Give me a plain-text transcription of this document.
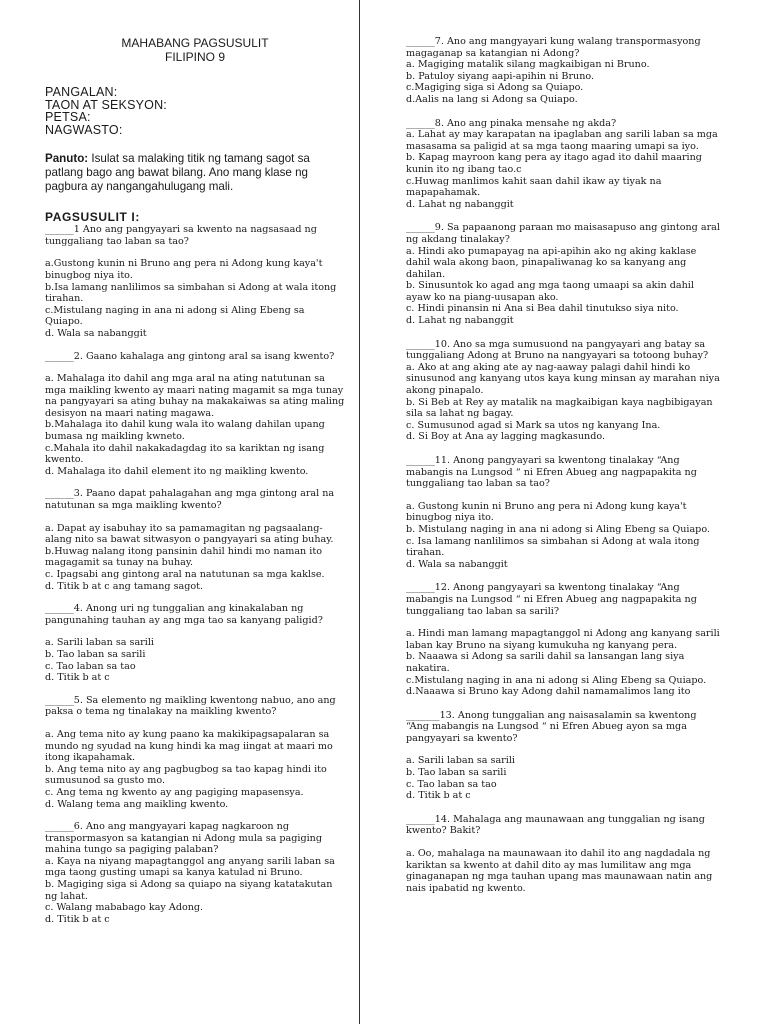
MAHABANG PAGSUSULIT
FILIPINO 9
PANGALAN:
TAON AT SEKSYON:
PETSA:
NAGWASTO:
Panuto: Isulat sa malaking titik ng tamang sagot sa patlang bago ang bawat bilang. Ano mang klase ng pagbura ay nangangahulugang mali.
PAGSUSULIT I:
______1 Ano ang pangyayari sa kwento na nagsasaad ng tunggaliang tao laban sa tao?
a.Gustong kunin ni Bruno ang pera ni Adong kung kaya't binugbog niya ito.
b.Isa lamang nanlilimos sa simbahan si Adong at wala itong tirahan.
c.Mistulang naging in ana ni adong si Aling Ebeng sa Quiapo.
d. Wala sa nabanggit
______2. Gaano kahalaga ang gintong aral sa isang kwento?
a. Mahalaga ito dahil ang mga aral na ating natutunan sa mga maikling kwento ay maari nating magamit sa mga tunay na pangyayari sa ating buhay na makakaiwas sa ating maling desisyon na maari nating magawa.
b.Mahalaga ito dahil kung wala ito walang dahilan upang bumasa ng maikling kwneto.
c.Mahala ito dahil nakakadagdag ito sa kariktan ng isang kwento.
d. Mahalaga ito dahil element ito ng maikling kwento.
______3. Paano dapat pahalagahan ang mga gintong aral na natutunan sa mga maikling kwento?
a. Dapat ay isabuhay ito sa pamamagitan ng pagsaalang-alang nito sa bawat sitwasyon o pangyayari sa ating buhay.
b.Huwag nalang itong pansinin dahil hindi mo naman ito magagamit sa tunay na buhay.
c. Ipagsabi ang gintong aral na natutunan sa mga kaklse.
d. Titik b at c ang tamang sagot.
______4. Anong uri ng tunggalian ang kinakalaban ng pangunahing tauhan ay ang mga tao sa kanyang paligid?
a. Sarili laban sa sarili
b. Tao laban sa sarili
c. Tao laban sa tao
d. Titik b at c
______5. Sa elemento ng maikling kwentong nabuo, ano ang paksa o tema ng tinalakay na maikling kwento?
a. Ang tema nito ay kung paano ka makikipagsapalaran sa mundo ng syudad na kung hindi ka mag iingat at maari mo itong ikapahamak.
b. Ang tema nito ay ang pagbugbog sa tao kapag hindi ito sumusunod sa gusto mo.
c. Ang tema ng kwento ay ang pagiging mapasensya.
d. Walang tema ang maikling kwento.
______6. Ano ang mangyayari kapag nagkaroon ng transpormasyon sa katangian ni Adong mula sa pagiging mahina tungo sa pagiging palaban?
a. Kaya na niyang mapagtanggol ang anyang sarili laban sa mga taong gusting umapi sa kanya katulad ni Bruno.
b. Magiging siga si Adong sa quiapo na siyang katatakutan ng lahat.
c. Walang mababago kay Adong.
d. Titik b at c
______7. Ano ang mangyayari kung walang transpormasyong magaganap sa katangian ni Adong?
a. Magiging matalik silang magkaibigan ni Bruno.
b. Patuloy siyang aapi-apihin ni Bruno.
c.Magiging siga si Adong sa Quiapo.
d.Aalis na lang si Adong sa Quiapo.
______8. Ano ang pinaka mensahe ng akda?
a. Lahat ay may karapatan na ipaglaban ang sarili laban sa mga masasama sa paligid at sa mga taong maaring umapi sa iyo.
b. Kapag mayroon kang pera ay itago agad ito dahil maaring kunin ito ng ibang tao.c
c.Huwag manlimos kahit saan dahil ikaw ay tiyak na mapapahamak.
d. Lahat ng nabanggit
______9. Sa papaanong paraan mo maisasapuso ang gintong aral ng akdang tinalakay?
a. Hindi ako pumapayag na api-apihin ako ng aking kaklase dahil wala akong baon, pinapaliwanag ko sa kanyang ang dahilan.
b. Sinusuntok ko agad ang mga taong umaapi sa akin dahil ayaw ko na piang-uusapan ako.
c. Hindi pinansin ni Ana si Bea dahil tinutukso siya nito.
d. Lahat ng nabanggit
______10. Ano sa mga sumusuond na pangyayari ang batay sa tunggaliang Adong at Bruno na nangyayari sa totoong buhay?
a. Ako at ang aking ate ay nag-aaway palagi dahil hindi ko sinusunod ang kanyang utos kaya kung minsan ay marahan niya akong pinapalo.
b. Si Beb at Rey ay matalik na magkaibigan kaya nagbibigayan sila sa lahat ng bagay.
c. Sumusunod agad si Mark sa utos ng kanyang Ina.
d. Si Boy at Ana ay lagging magkasundo.
______11. Anong pangyayari sa kwentong tinalakay “Ang mabangis na Lungsod “ ni Efren Abueg ang nagpapakita ng tunggaliang tao laban sa tao?
a. Gustong kunin ni Bruno ang pera ni Adong kung kaya't binugbog niya ito.
b. Mistulang naging in ana ni adong si Aling Ebeng sa Quiapo.
c. Isa lamang nanlilimos sa simbahan si Adong at wala itong tirahan.
d. Wala sa nabanggit
______12. Anong pangyayari sa kwentong tinalakay “Ang mabangis na Lungsod “ ni Efren Abueg ang nagpapakita ng tunggaliang tao laban sa sarili?
a. Hindi man lamang mapagtanggol ni Adong ang kanyang sarili laban kay Bruno na siyang kumukuha ng kanyang pera.
b. Naaawa si Adong sa sarili dahil sa lansangan lang siya nakatira.
c.Mistulang naging in ana ni adong si Aling Ebeng sa Quiapo.
d.Naaawa si Bruno kay Adong dahil namamalimos lang ito
_______13. Anong tunggalian ang naisasalamin sa kwentong “Ang mabangis na Lungsod “ ni Efren Abueg ayon sa mga pangyayari sa kwento?
a. Sarili laban sa sarili
b. Tao laban sa sarili
c. Tao laban sa tao
d. Titik b at c
______14. Mahalaga ang maunawaan ang tunggalian ng isang kwento? Bakit?
a. Oo, mahalaga na maunawaan ito dahil ito ang nagdadala ng kariktan sa kwento at dahil dito ay mas lumilitaw ang mga ginaganapan ng mga tauhan upang mas maunawaan natin ang nais ipabatid ng kwento.
